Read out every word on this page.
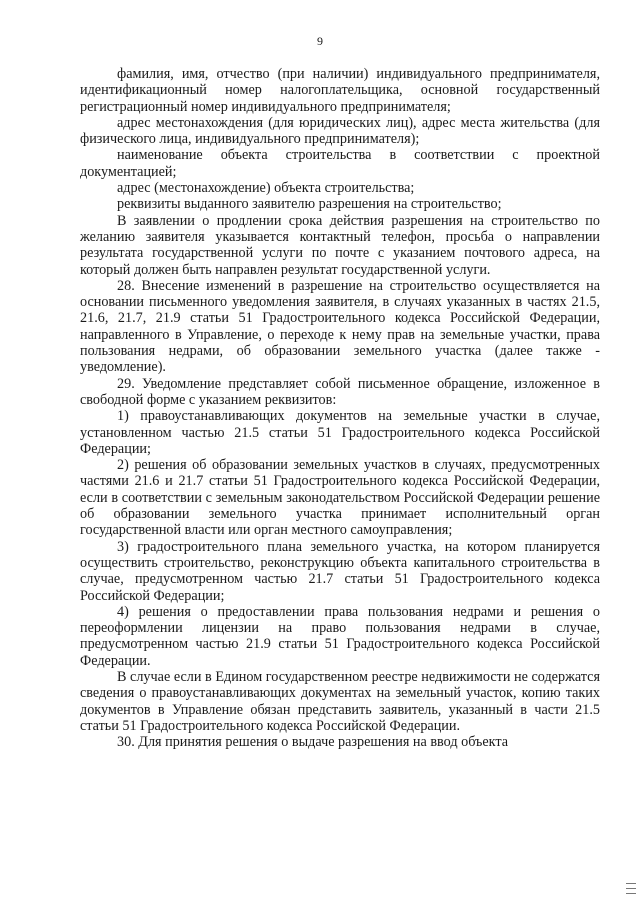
9

фамилия, имя, отчество (при наличии) индивидуального предпринимателя, идентификационный номер налогоплательщика, основной государственный регистрационный номер индивидуального предпринимателя;

адрес местонахождения (для юридических лиц), адрес места жительства (для физического лица, индивидуального предпринимателя);

наименование объекта строительства в соответствии с проектной документацией;

адрес (местонахождение) объекта строительства;

реквизиты выданного заявителю разрешения на строительство;

В заявлении о продлении срока действия разрешения на строительство по желанию заявителя указывается контактный телефон, просьба о направлении результата государственной услуги по почте с указанием почтового адреса, на который должен быть направлен результат государственной услуги.

28. Внесение изменений в разрешение на строительство осуществляется на основании письменного уведомления заявителя, в случаях указанных в частях 21.5, 21.6, 21.7, 21.9 статьи 51 Градостроительного кодекса Российской Федерации, направленного в Управление, о переходе к нему прав на земельные участки, права пользования недрами, об образовании земельного участка (далее также - уведомление).

29. Уведомление представляет собой письменное обращение, изложенное в свободной форме с указанием реквизитов:

1) правоустанавливающих документов на земельные участки в случае, установленном частью 21.5 статьи 51 Градостроительного кодекса Российской Федерации;

2) решения об образовании земельных участков в случаях, предусмотренных частями 21.6 и 21.7 статьи 51 Градостроительного кодекса Российской Федерации, если в соответствии с земельным законодательством Российской Федерации решение об образовании земельного участка принимает исполнительный орган государственной власти или орган местного самоуправления;

3) градостроительного плана земельного участка, на котором планируется осуществить строительство, реконструкцию объекта капитального строительства в случае, предусмотренном частью 21.7 статьи 51 Градостроительного кодекса Российской Федерации;

4) решения о предоставлении права пользования недрами и решения о переоформлении лицензии на право пользования недрами в случае, предусмотренном частью 21.9 статьи 51 Градостроительного кодекса Российской Федерации.

В случае если в Едином государственном реестре недвижимости не содержатся сведения о правоустанавливающих документах на земельный участок, копию таких документов в Управление обязан представить заявитель, указанный в части 21.5 статьи 51 Градостроительного кодекса Российской Федерации.

30. Для принятия решения о выдаче разрешения на ввод объекта
